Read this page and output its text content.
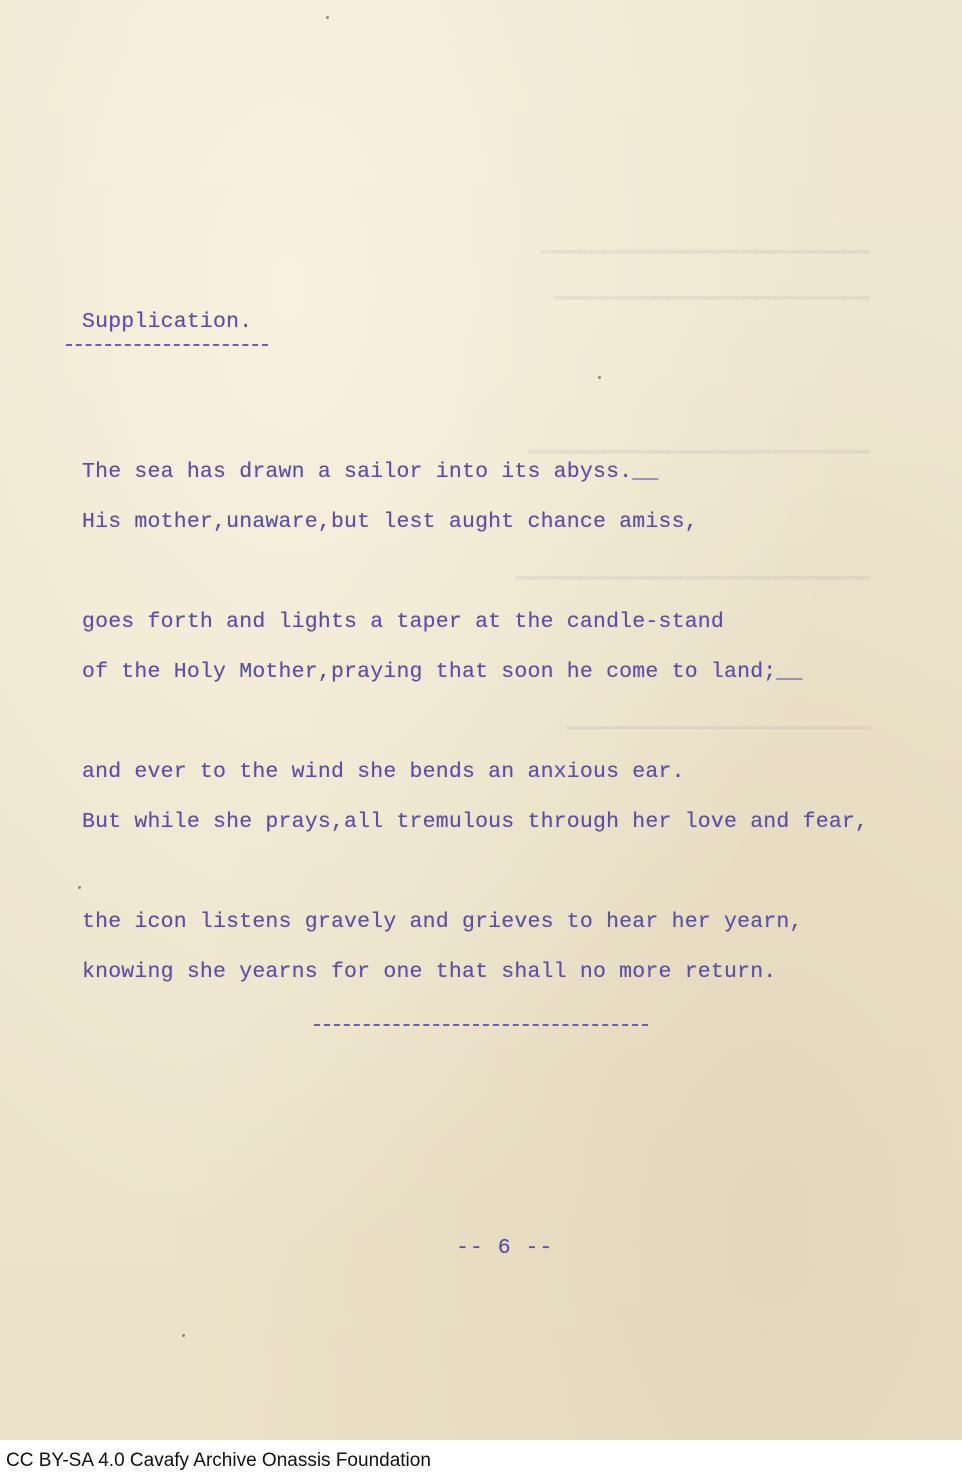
━━━━━━━━━━━━━━━━━━━━━━━━━━
━━━━━━━━━━━━━━━━━━━━━━━━━
━━━━━━━━━━━━━━━━━━━━━━━━━━━
━━━━━━━━━━━━━━━━━━━━━━━━━━━━
━━━━━━━━━━━━━━━━━━━━━━━━
Supplication.
The sea has drawn a sailor into its abyss.__
His mother,unaware,but lest aught chance amiss,
goes forth and lights a taper at the candle-stand
of the Holy Mother,praying that soon he come to land;__
and ever to the wind she bends an anxious ear.
But while she prays,all tremulous through her love and fear,
the icon listens gravely and grieves to hear her yearn,
knowing she yearns for one that shall no more return.
-- 6 --
CC BY-SA 4.0 Cavafy Archive Onassis Foundation
